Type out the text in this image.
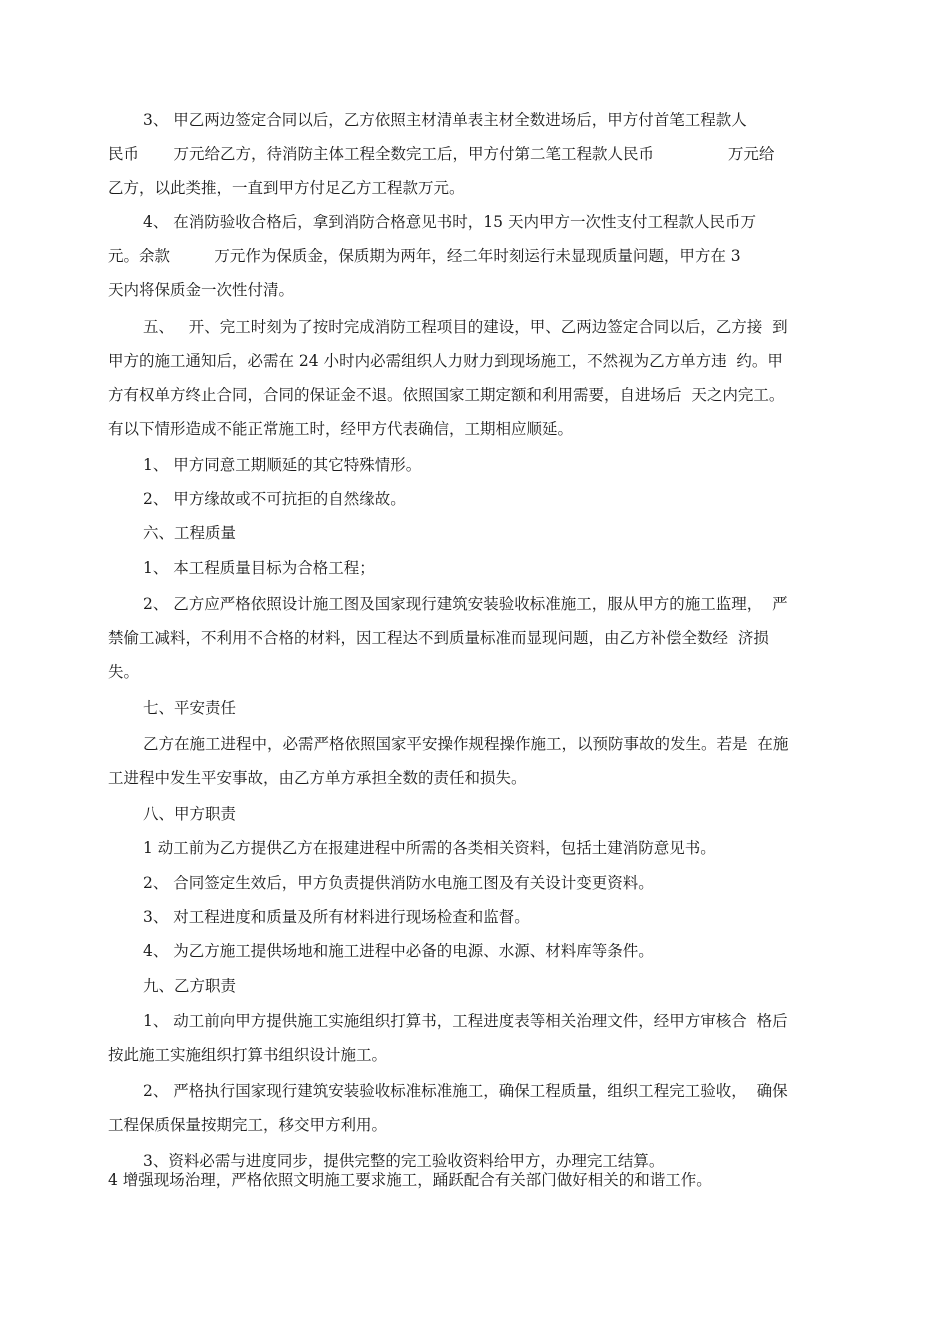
3、 甲乙两边签定合同以后，乙方依照主材清单表主材全数进场后，甲方付首笔工程款人
民币       万元给乙方，待消防主体工程全数完工后，甲方付第二笔工程款人民币               万元给
乙方，以此类推，一直到甲方付足乙方工程款万元。
4、 在消防验收合格后，拿到消防合格意见书时，15 天内甲方一次性支付工程款人民币万
元。余款         万元作为保质金，保质期为两年，经二年时刻运行未显现质量问题，甲方在 3
天内将保质金一次性付清。
五、   开、完工时刻为了按时完成消防工程项目的建设，甲、乙两边签定合同以后，乙方接  到
甲方的施工通知后，必需在 24 小时内必需组织人力财力到现场施工，不然视为乙方单方违  约。甲
方有权单方终止合同，合同的保证金不退。依照国家工期定额和利用需要，自进场后  天之内完工。
有以下情形造成不能正常施工时，经甲方代表确信，工期相应顺延。
1、 甲方同意工期顺延的其它特殊情形。
2、 甲方缘故或不可抗拒的自然缘故。
六、工程质量
1、 本工程质量目标为合格工程；
2、 乙方应严格依照设计施工图及国家现行建筑安装验收标准施工，服从甲方的施工监理，  严
禁偷工减料，不利用不合格的材料，因工程达不到质量标准而显现问题，由乙方补偿全数经  济损
失。
七、平安责任
乙方在施工进程中，必需严格依照国家平安操作规程操作施工，以预防事故的发生。若是  在施
工进程中发生平安事故，由乙方单方承担全数的责任和损失。
八、甲方职责
1 动工前为乙方提供乙方在报建进程中所需的各类相关资料，包括土建消防意见书。
2、 合同签定生效后，甲方负责提供消防水电施工图及有关设计变更资料。
3、 对工程进度和质量及所有材料进行现场检查和监督。
4、 为乙方施工提供场地和施工进程中必备的电源、水源、材料库等条件。
九、乙方职责
1、 动工前向甲方提供施工实施组织打算书，工程进度表等相关治理文件，经甲方审核合  格后
按此施工实施组织打算书组织设计施工。
2、 严格执行国家现行建筑安装验收标准标准施工，确保工程质量，组织工程完工验收，  确保
工程保质保量按期完工，移交甲方利用。
3、资料必需与进度同步，提供完整的完工验收资料给甲方，办理完工结算。
4 增强现场治理，严格依照文明施工要求施工，踊跃配合有关部门做好相关的和谐工作。
